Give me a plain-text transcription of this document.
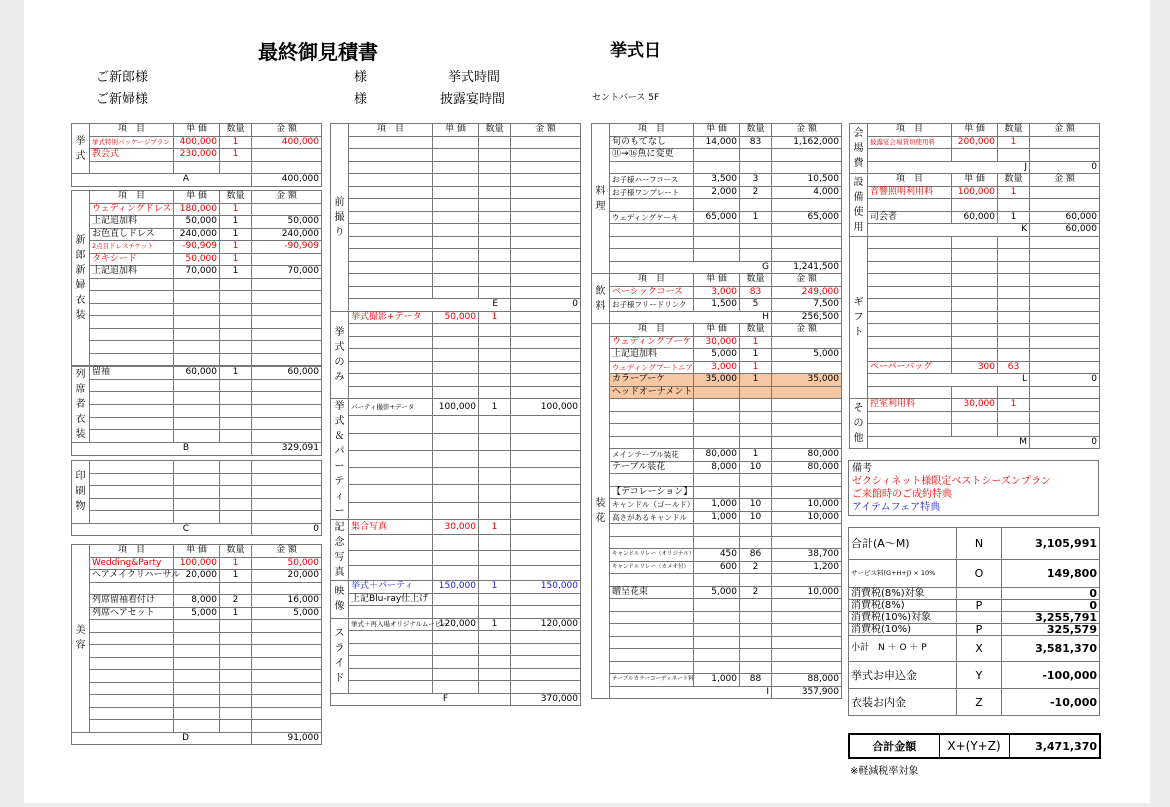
最終御見積書	挙式日
ご新郎様
ご新婦様
様
様
挙式時間
披露宴時間	セントバース 5F
挙式	項　目	単 価	数量	金 額
	挙式特別パッケージプラン	400,000	1	400,000
	教会式	230,000	1	

A				400,000
新郎新婦衣装	項　目	単 価	数量	金 額
	ウェディングドレス	180,000	1	
	上記追加料	50,000	1	50,000
	お色直しドレス	240,000	1	240,000
	2点目ドレスチケット	-90,909	1	-90,909
	タキシード	50,000	1	
	上記追加料	70,000	1	70,000

列席者衣装	留袖	60,000	1	60,000

B				329,091
印刷物				

C				0
美容	項　目	単 価	数量	金 額
	Wedding&Party	100,000	1	50,000
	ヘアメイクリハーサル	20,000	1	20,000

	列席留袖着付け	8,000	2	16,000
	列席ヘアセット	5,000	1	5,000

D				91,000
前撮り	項　目	単 価	数量	金 額

	E			0
挙式のみ	挙式撮影+データ	50,000	1	

挙式＆パーティー	パーティ撮影+データ	100,000	1	100,000

記念写真	集合写真	30,000	1	

映像	挙式＋パーティ	150,000	1	150,000
	上記Blu-ray仕上げ			

スライド	挙式＋再入場オリジナルムービー	120,000	1	120,000

F				370,000
料理	項　目	単 価	数量	金 額
	旬のもてなし	14,000	83	1,162,000
	⑪→⑯魚に変更			

	お子様ハーフコース	3,500	3	10,500
	お子様ワンプレート	2,000	2	4,000

	ウェディングケーキ	65,000	1	65,000

	G			1,241,500
飲料	項　目	単 価	数量	金 額
	ベーシックコース	3,000	83	249,000
	お子様フリードリンク	1,500	5	7,500
	H			256,500
装花	項　目	単 価	数量	金 額
	ウェディングブーケ	30,000	1	
	上記追加料	5,000	1	5,000
	ウェディングブートニア	3,000	1	
	カラーブーケ	35,000	1	35,000
	ヘッドオーナメント			

	メインテーブル装花	80,000	1	80,000
	テーブル装花	8,000	10	80,000

	【デコレーション】			
	キャンドル（ゴールド）	1,000	10	10,000
	高さがあるキャンドル	1,000	10	10,000

	キャンドルリレー（オリジナル）	450	86	38,700
	キャンドルリレー（カメオ付）	600	2	1,200

	贈呈花束	5,000	2	10,000

	テーブルカラーコーディネート料	1,000	88	88,000
	I			357,900
会場費	項　目	単 価	数量	金 額
	披露宴会場貸切使用料	200,000	1	

	J			0
設備使用	項　目	単 価	数量	金 額
	音響照明利用料	100,000	1	

	司会者	60,000	1	60,000
	K			60,000
ギフト				

	ペーパーバッグ	300	63	
	L			0

その他	控室利用料	30,000	1	

	M			0
備考
ゼクシィネット様限定ベストシーズンプラン
ご来館時のご成約特典
アイテムフェア特典
合計(A〜M)	N	3,105,991
サービス料(G+H+J) × 10%	O	149,800
消費税(8%)対象		0
消費税(8%)	P	0
消費税(10%)対象		3,255,791
消費税(10%)	P	325,579
小計　N ＋ O ＋ P	X	3,581,370
挙式お申込金	Y	-100,000
衣装お内金	Z	-10,000
合計金額	X+(Y+Z)	3,471,370
※軽減税率対象
